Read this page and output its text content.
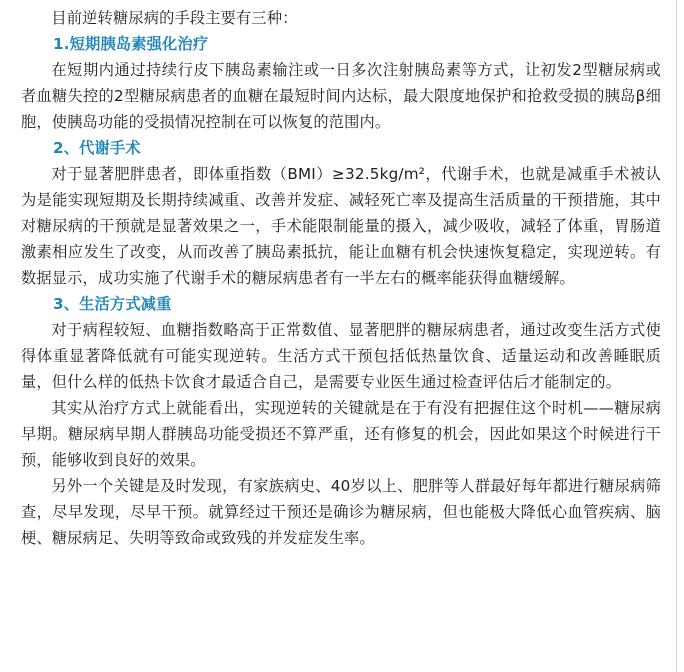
目前逆转糖尿病的手段主要有三种：

1.短期胰岛素强化治疗

在短期内通过持续行皮下胰岛素输注或一日多次注射胰岛素等方式，让初发2型糖尿病或者血糖失控的2型糖尿病患者的血糖在最短时间内达标，最大限度地保护和抢救受损的胰岛β细胞，使胰岛功能的受损情况控制在可以恢复的范围内。

2、代谢手术

对于显著肥胖患者，即体重指数（BMI）≥32.5kg/m²，代谢手术，也就是减重手术被认为是能实现短期及长期持续减重、改善并发症、减轻死亡率及提高生活质量的干预措施，其中对糖尿病的干预就是显著效果之一，手术能限制能量的摄入，减少吸收，减轻了体重，胃肠道激素相应发生了改变，从而改善了胰岛素抵抗，能让血糖有机会快速恢复稳定，实现逆转。有数据显示，成功实施了代谢手术的糖尿病患者有一半左右的概率能获得血糖缓解。

3、生活方式减重

对于病程较短、血糖指数略高于正常数值、显著肥胖的糖尿病患者，通过改变生活方式使得体重显著降低就有可能实现逆转。生活方式干预包括低热量饮食、适量运动和改善睡眠质量，但什么样的低热卡饮食才最适合自己，是需要专业医生通过检查评估后才能制定的。

其实从治疗方式上就能看出，实现逆转的关键就是在于有没有把握住这个时机——糖尿病早期。糖尿病早期人群胰岛功能受损还不算严重，还有修复的机会，因此如果这个时候进行干预，能够收到良好的效果。

另外一个关键是及时发现，有家族病史、40岁以上、肥胖等人群最好每年都进行糖尿病筛查，尽早发现，尽早干预。就算经过干预还是确诊为糖尿病，但也能极大降低心血管疾病、脑梗、糖尿病足、失明等致命或致残的并发症发生率。
